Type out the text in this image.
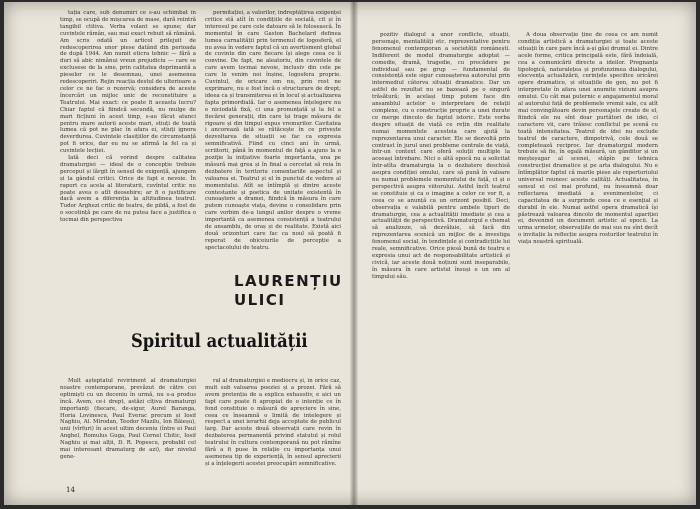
tația care, sub denumiri ce s-au schimbat în timp, se ocupă de mișcarea de mase, dară reintră tangibil ctitiva. Verba volant se spune; dar cuvintele rămân, sau mai exact rebuit să rămână. Am scris odată un articol prilejuit de redescoperirea unor piese datând din perioada de după 1944. Am numit eticra tehnic — fără a duri să abic nimănui vreun prejudiciu — care se exclusese de la sine, prin calitatea deprimantă a pieselor ce le desemnau, unei asemenea redescoperiri. Rejin reacția destul de ulterioare a celor ce ne fac o rezervă; considera de aceste încercări un mijloc unic de reconstituire a Teatrului. Mai exact: ce poate fi aceasta lucru? Chiar faptul că fiindcă secundă, nu mulge de mari ficțiuni în acest timp, s-au făcut atunci pentru mare autorii aceste mari, stiuți de toată lumea că pot ne plac în afara ei, stiuți ignora deverdurea. Cuvintele clasițiilor de circumstanță pot fi orice, dar eu nu se afirmă la fel ca și cuvintele lecției.

Iată deci că vorind despre calitatea dramaturgiei — ideal de o concepție trebuie perceput și lărgit în sensul de exigență, ajungem și la gândul critici. Orice de fapt e nevoie. În raport cu acela al literaturii, cuvîntul critic nu poate avea o atît deosebire; ar fi o justificare dacă avem a diferenția la altitudinea teatrul. Tudor Arghezi critic de teatru, de pildă, a fost de o socotință pe care de nu putea face a justifica o tocmai din perspectiva

permitației, a valorilor, îndreptățirea exigenței critice stă atît în condițiile de socială, cit și în interesul pe care cele datoare să le folosească. În momentul în care Gaston Bachelard definea lumea carnalității prin termenul de logosferă, el nu avea în vedere faptul că un avertisment global de cuvinte din care fiecare își alege ceea ce îi convine. De fapt, ne aleatoriu, din cuvintele de care avem tocmai nevoie, inclusiv din cele pe care le venim noi înșine, logosfera proprie. Cuvintul, de oricare om nu, prin rost ne exprimare, nu e fost încă o structurare de drept; ideea ca și transmiterea ei în locul și actualizarea fapta primordială. Iar o asemenea înțelegere nu e niciodată fixă, ci una pronunțată și la fel a fiecărei generații, din care își trage măsura de rigoare și din timpul expus vremurilor. Cavitatea i ancorează iată se rătăcește în ce privește dezvoltarea de situații se fac ca expresia semnificativă. Fiind cu cinci ani în urmă, scriitorii, până în momentul de faţă a ajuns la o poziţie la inițiative foarte importanta, una pe măsură mai grea și în final a cercetat să reia în dezbatere în teritoriu comentariile aspectul și valoarea ei. Teatrul și el în punctul de vedere al momentului. Atît se întîmplă și dintre aceste contestante și poetica de unitate existentă în cunoaștere a dramei, fiindcă în măsura în care putem cunoaște viața, devine o consolidare prin care vorbim de-a lungul anilor despre o vreme importantă ca asemenea consistență a teatrului de ansamblu, de oraș și de realitate. Există aici două orizonturi care fac ca noul să poată fi reperat de obiceiurile de percepție a spectacolului de teatru.

LAURENȚIU
ULICI
Spiritul actualității

Mult așteptatul reviriment al dramaturgiei noastre contemporane, prevăzut de către cei optimiști cu un deceniu în urmă, nu s-a produs încă. Avem, ce-i drept, astăzi cîțiva dramaturgi importanți (fiecare, de-sigur, Aurel Baranga, Horia Lovinescu, Paul Everac precum și Iosif Naghiu, Al. Mirodan, Teodor Mazilu, Ion Băieșu), unii (vîrfuri) în acest ultim deceniu (între ei Paul Anghel, Romulus Guga, Paul Cornel Chitic, Iosif Naghiu și mai alții, D. R. Popescu, probabil cel mai interesant dramaturg de azi), dar nivelul gene-

ral al dramaturgiei e mediocru și, în orice caz, mult sub valoarea poeziei și a prozei. Fără să avem pretenția de a explica exhaustiv, e aici un fapt care poate fi apropiat de o intenție ce în fond constituie o măsură de apreciere în sine, ceea ce înseamnă o limită de intelegere și respect a unei ierarhii deja acceptate de publicul larg. Dar aceste două observații care revin în dezbaterea permanentă privind statutul și rolul teatrului în cultura contemporană nu pot rămîne fără a fi puse în relație cu importanța unui asemenea tip de experiență, în sensul aprecierii și a înțelegerii acestei preocupări semnificative.

14

pozitiv dialogul a unor conflicte, situații, personaje, mentalități etc. reprezentative pentru fenomenul contemporan a societății românești. Indiferent de modul dramaturgie adoptat — comedie, dramă, tragedie, cu precădere pe individual sau pe grup — fundamental de consistență este sigur cunoașterea autorului prin intermediul câtorva situații dramatice. Dar un astfel de rezultat nu se bazează pe o singură trăsătură; în același timp putem face din ansamblul actelor o interpretare de relații complexe, cu o construcție proprie a unei durate ce merge dincolo de faptul istoric. Este vorba despre situații de viață ce rețin din realitate numai momentele acesteia care ajută la reprezentarea unui caracter. Ele se dezvoltă prin contrast în jurul unei probleme centrale de viață, într-un context care oferă soluții multiple la aceeași întrebare. Nici o altă epocă nu a solicitat într-atîta dramaturgia la o dezbatere deschisă asupra condiției omului, care să pună în valoare nu numai problemele momentului de față, ci și o perspectivă asupra viitorului. Astfel încît teatrul se constituie și ca o imagine a celor ce vor fi, a ceea ce se anunță ca un orizont posibil. Deci, observația e valabilă pentru ambele tipuri de dramaturgie, cea a actualității imediate și cea a actualității de perspectivă. Dramaturgul e chemat să analizeze, să dezvăluie, să facă din reprezentarea scenică un mijloc de a investiga fenomenul social, în tendințele și contradicțiile lui reale, semnificative. Orice piesă bună de teatru e expresia unui act de responsabilitate artistică și civică, iar aceste două noțiuni sunt inseparabile, în măsura în care artistul însuși e un om al timpului său.

A doua observație ține de ceea ce am numit condiția artistică a dramaturgiei și toate aceste situații în care pare încă a-și găsi drumul ei. Dintre acele forme, critica principală este, fără îndoială, cea a comunicării directe a ideilor. Pregnanța tipologică, naturalețea și profunzimea dialogului, elocvența actualizării, cerințele specifice oricărei opere dramatice, și situațiile de gen, nu pot fi interpretate în afara unei anumite viziuni asupra omului. Cu cât mai puternic e angajamentul moral al autorului față de problemele vremii sale, cu atît mai convingătoare devin personajele create de el, fiindcă ele nu sînt doar purtători de idei, ci caractere vii, care trăiesc conflictul pe scenă cu toată intensitatea. Teatrul de idei nu exclude teatrul de caractere, dimpotrivă, cele două se completează reciproc. Iar dramaturgul modern trebuie să fie, în egală măsură, un gânditor și un meșteșugar al scenei, stăpîn pe tehnica construcției dramatice și pe arta dialogului. Nu e întîmplător faptul că marile piese ale repertoriului universal reunesc aceste calități. Actualitatea, în sensul ei cel mai profund, nu înseamnă doar reflectarea imediată a evenimentelor, ci capacitatea de a surprinde ceea ce e esențial și durabil în ele. Numai astfel opera dramatică își păstrează valoarea dincolo de momentul apariției ei, devenind un document artistic al epocii. La urma urmelor, observațiile de mai sus nu sînt decît o invitație la reflecție asupra rosturilor teatrului în viața noastră spirituală.
